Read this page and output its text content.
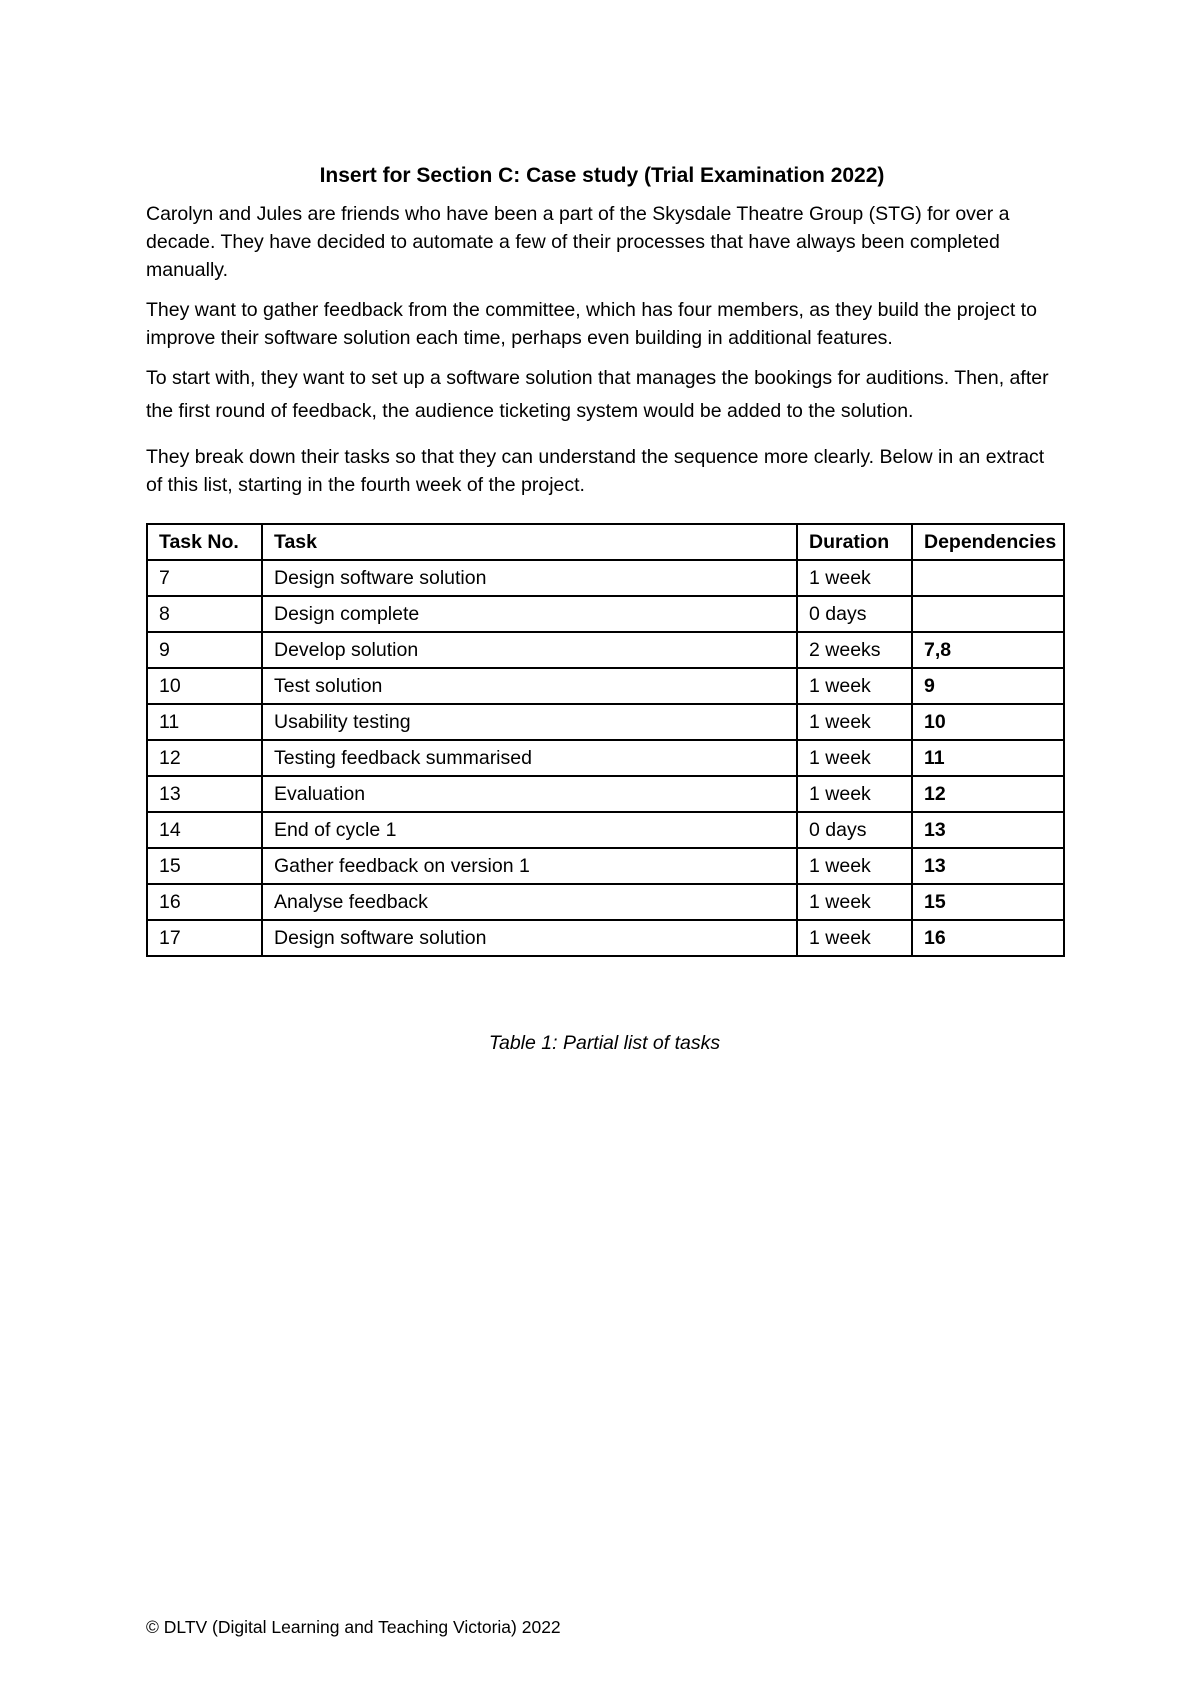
Insert for Section C: Case study (Trial Examination 2022)

Carolyn and Jules are friends who have been a part of the Skysdale Theatre Group (STG) for over a decade. They have decided to automate a few of their processes that have always been completed manually.

They want to gather feedback from the committee, which has four members, as they build the project to improve their software solution each time, perhaps even building in additional features.

To start with, they want to set up a software solution that manages the bookings for auditions. Then, after the first round of feedback, the audience ticketing system would be added to the solution.

They break down their tasks so that they can understand the sequence more clearly. Below in an extract of this list, starting in the fourth week of the project.

Task No.	Task	Duration	Dependencies
7	Design software solution	1 week	
8	Design complete	0 days	
9	Develop solution	2 weeks	7,8
10	Test solution	1 week	9
11	Usability testing	1 week	10
12	Testing feedback summarised	1 week	11
13	Evaluation	1 week	12
14	End of cycle 1	0 days	13
15	Gather feedback on version 1	1 week	13
16	Analyse feedback	1 week	15
17	Design software solution	1 week	16
Table 1: Partial list of tasks
© DLTV (Digital Learning and Teaching Victoria) 2022
